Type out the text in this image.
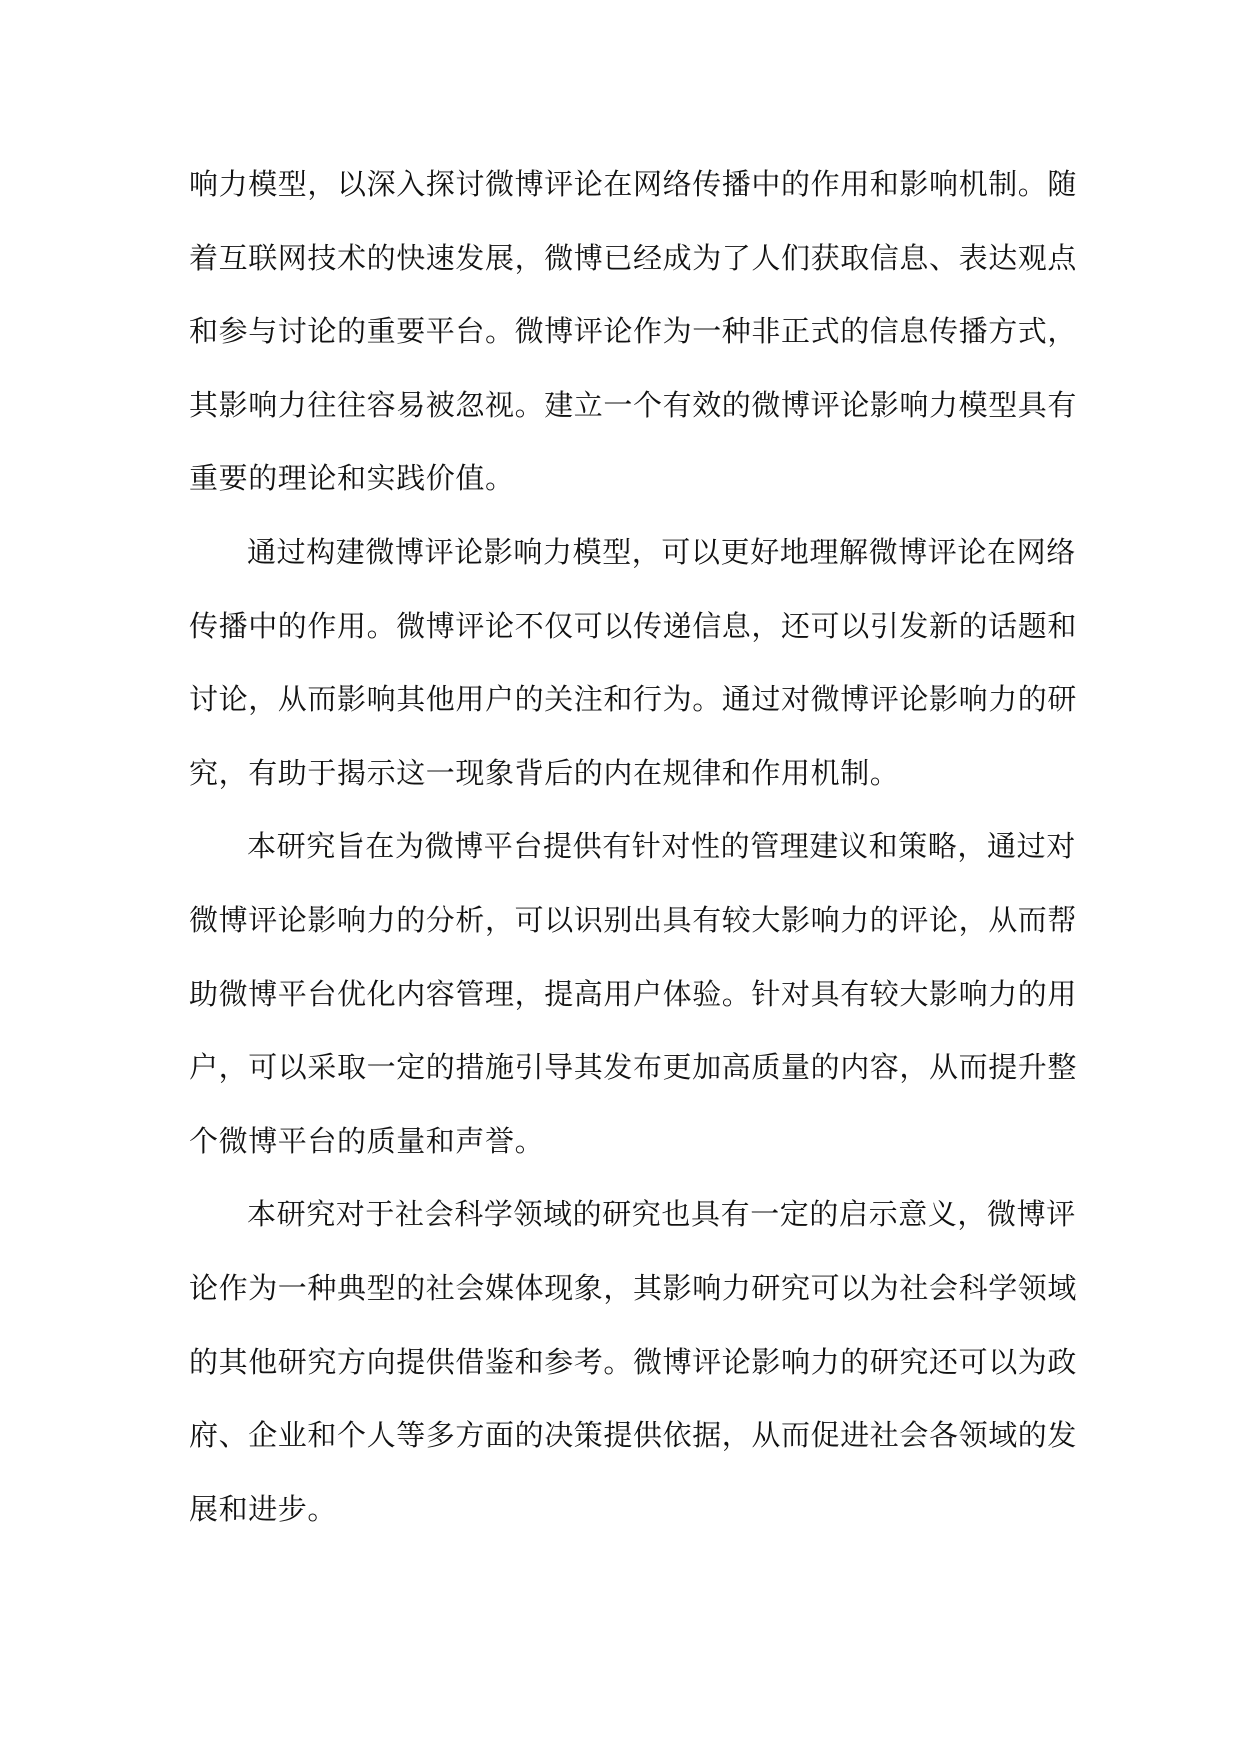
响力模型，以深入探讨微博评论在网络传播中的作用和影响机制。随
着互联网技术的快速发展，微博已经成为了人们获取信息、表达观点
和参与讨论的重要平台。微博评论作为一种非正式的信息传播方式，
其影响力往往容易被忽视。建立一个有效的微博评论影响力模型具有
重要的理论和实践价值。

通过构建微博评论影响力模型，可以更好地理解微博评论在网络
传播中的作用。微博评论不仅可以传递信息，还可以引发新的话题和
讨论，从而影响其他用户的关注和行为。通过对微博评论影响力的研
究，有助于揭示这一现象背后的内在规律和作用机制。

本研究旨在为微博平台提供有针对性的管理建议和策略，通过对
微博评论影响力的分析，可以识别出具有较大影响力的评论，从而帮
助微博平台优化内容管理，提高用户体验。针对具有较大影响力的用
户，可以采取一定的措施引导其发布更加高质量的内容，从而提升整
个微博平台的质量和声誉。

本研究对于社会科学领域的研究也具有一定的启示意义，微博评
论作为一种典型的社会媒体现象，其影响力研究可以为社会科学领域
的其他研究方向提供借鉴和参考。微博评论影响力的研究还可以为政
府、企业和个人等多方面的决策提供依据，从而促进社会各领域的发
展和进步。
